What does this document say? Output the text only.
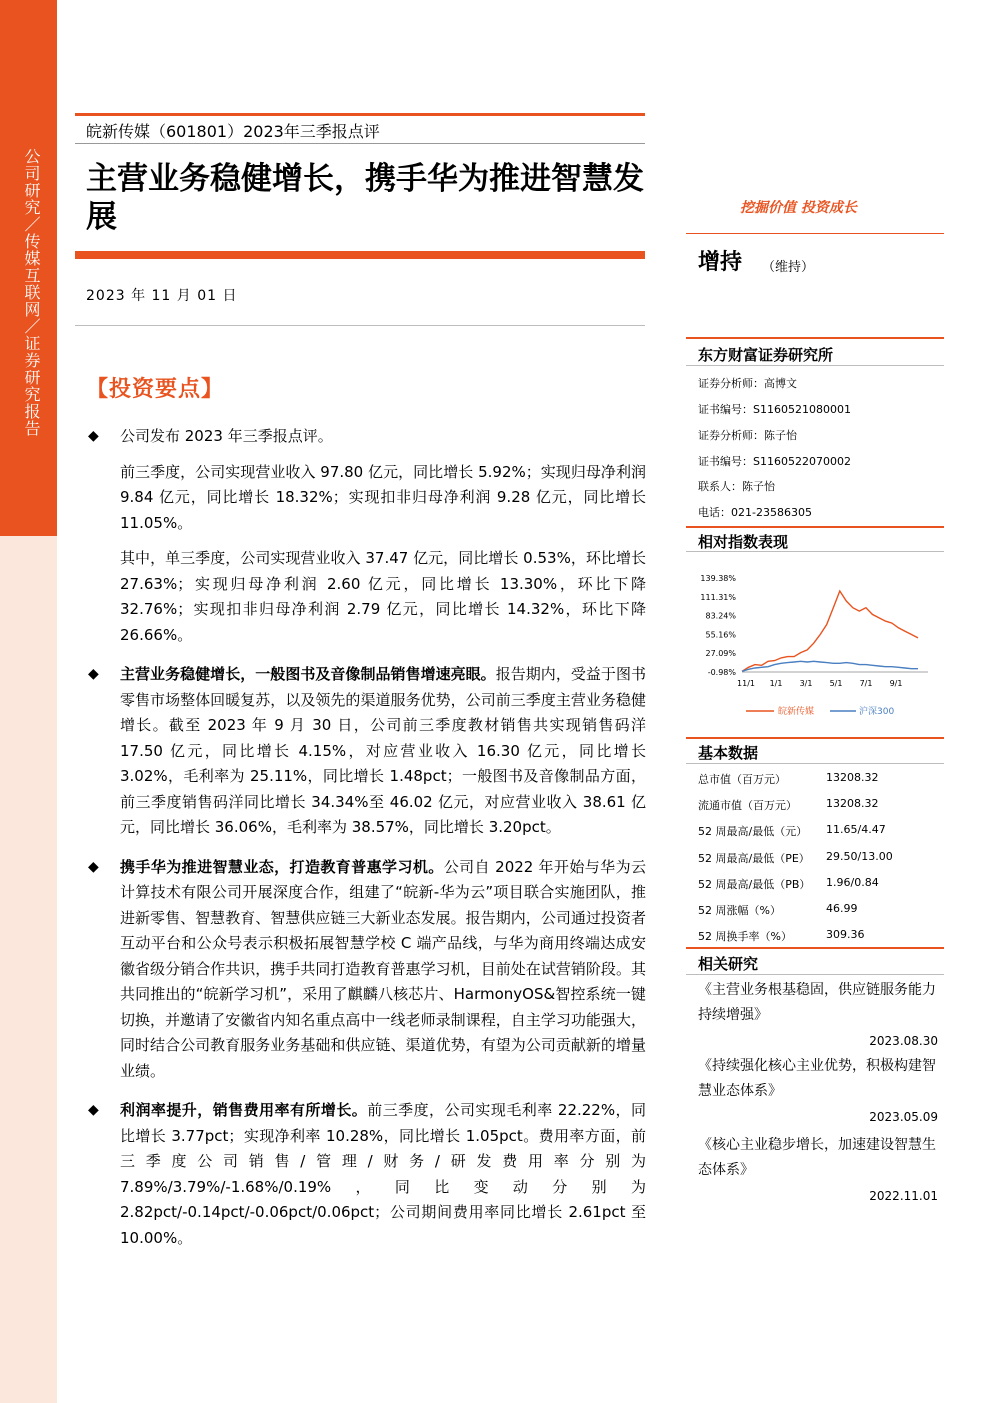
公司研究／传媒互联网／证券研究报告
皖新传媒（601801）2023年三季报点评
主营业务稳健增长，携手华为推进智慧发展
2023 年 11 月 01 日
【投资要点】
◆ 公司发布 2023 年三季报点评。
前三季度，公司实现营业收入 97.80 亿元，同比增长 5.92%；实现归母净利润 9.84 亿元，同比增长 18.32%；实现扣非归母净利润 9.28 亿元，同比增长 11.05%。
其中，单三季度，公司实现营业收入 37.47 亿元，同比增长 0.53%，环比增长 27.63%；实现归母净利润 2.60 亿元，同比增长 13.30%，环比下降 32.76%；实现扣非归母净利润 2.79 亿元，同比增长 14.32%，环比下降 26.66%。
◆ 主营业务稳健增长，一般图书及音像制品销售增速亮眼。报告期内，受益于图书零售市场整体回暖复苏，以及领先的渠道服务优势，公司前三季度主营业务稳健增长。截至 2023 年 9 月 30 日，公司前三季度教材销售共实现销售码洋 17.50 亿元，同比增长 4.15%，对应营业收入 16.30 亿元，同比增长 3.02%，毛利率为 25.11%，同比增长 1.48pct；一般图书及音像制品方面，前三季度销售码洋同比增长 34.34%至 46.02 亿元，对应营业收入 38.61 亿元，同比增长 36.06%，毛利率为 38.57%，同比增长 3.20pct。
◆ 携手华为推进智慧业态，打造教育普惠学习机。公司自 2022 年开始与华为云计算技术有限公司开展深度合作，组建了“皖新-华为云”项目联合实施团队，推进新零售、智慧教育、智慧供应链三大新业态发展。报告期内，公司通过投资者互动平台和公众号表示积极拓展智慧学校 C 端产品线，与华为商用终端达成安徽省级分销合作共识，携手共同打造教育普惠学习机，目前处在试营销阶段。其共同推出的“皖新学习机”，采用了麒麟八核芯片、HarmonyOS&智控系统一键切换，并邀请了安徽省内知名重点高中一线老师录制课程，自主学习功能强大，同时结合公司教育服务业务基础和供应链、渠道优势，有望为公司贡献新的增量业绩。
◆ 利润率提升，销售费用率有所增长。前三季度，公司实现毛利率 22.22%，同比增长 3.77pct；实现净利率 10.28%，同比增长 1.05pct。费用率方面，前三季度公司销售/管理/财务/研发费用率分别为 7.89%/3.79%/-1.68%/0.19%，同比变动分别为 2.82pct/-0.14pct/-0.06pct/0.06pct；公司期间费用率同比增长 2.61pct 至 10.00%。
挖掘价值 投资成长
增持 （维持）
东方财富证券研究所
证券分析师：高博文
证书编号：S1160521080001
证券分析师：陈子怡
证书编号：S1160522070002
联系人：陈子怡
电话：021-23586305
相对指数表现
139.38%
111.31%
83.24%
55.16%
27.09%
-0.98%
11/1 1/1 3/1 5/1 7/1 9/1
皖新传媒	沪深300
基本数据
总市值（百万元）	13208.32
流通市值（百万元）	13208.32
52 周最高/最低（元） 11.65/4.47
52 周最高/最低（PE） 29.50/13.00
52 周最高/最低（PB） 1.96/0.84
52 周涨幅（%）	46.99
52 周换手率（%）	309.36
相关研究
《主营业务根基稳固，供应链服务能力持续增强》
2023.08.30
《持续强化核心主业优势，积极构建智慧业态体系》
2023.05.09
《核心主业稳步增长，加速建设智慧生态体系》
2022.11.01
